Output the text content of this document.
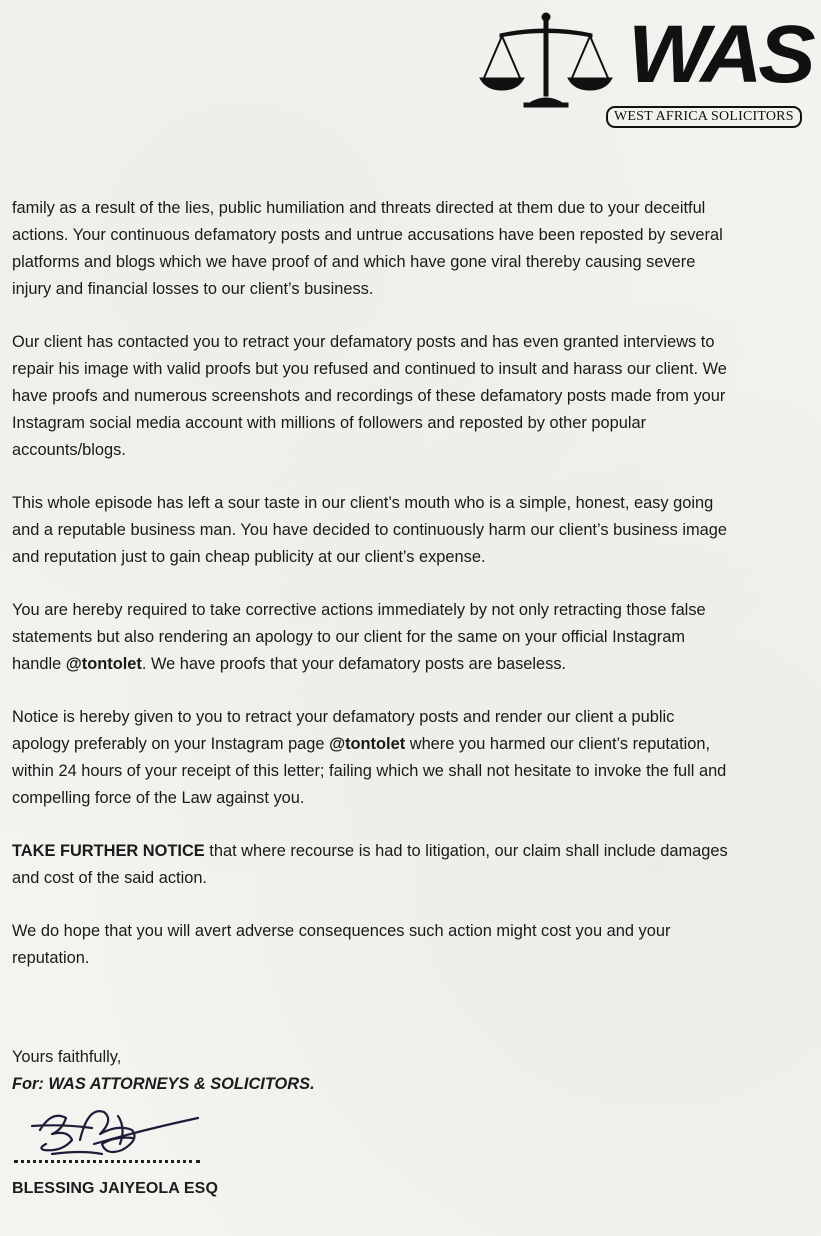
WAS
WEST AFRICA SOLICITORS

family as a result of the lies, public humiliation and threats directed at them due to your deceitful actions. Your continuous defamatory posts and untrue accusations have been reposted by several platforms and blogs which we have proof of and which have gone viral thereby causing severe injury and financial losses to our client’s business.

Our client has contacted you to retract your defamatory posts and has even granted interviews to repair his image with valid proofs but you refused and continued to insult and harass our client. We have proofs and numerous screenshots and recordings of these defamatory posts made from your Instagram social media account with millions of followers and reposted by other popular accounts/blogs.

This whole episode has left a sour taste in our client’s mouth who is a simple, honest, easy going and a reputable business man. You have decided to continuously harm our client’s business image and reputation just to gain cheap publicity at our client’s expense.

You are hereby required to take corrective actions immediately by not only retracting those false statements but also rendering an apology to our client for the same on your official Instagram handle @tontolet. We have proofs that your defamatory posts are baseless.

Notice is hereby given to you to retract your defamatory posts and render our client a public apology preferably on your Instagram page @tontolet where you harmed our client’s reputation, within 24 hours of your receipt of this letter; failing which we shall not hesitate to invoke the full and compelling force of the Law against you.

TAKE FURTHER NOTICE that where recourse is had to litigation, our claim shall include damages and cost of the said action.

We do hope that you will avert adverse consequences such action might cost you and your reputation.

Yours faithfully,
For: WAS ATTORNEYS & SOLICITORS.
BLESSING JAIYEOLA ESQ
